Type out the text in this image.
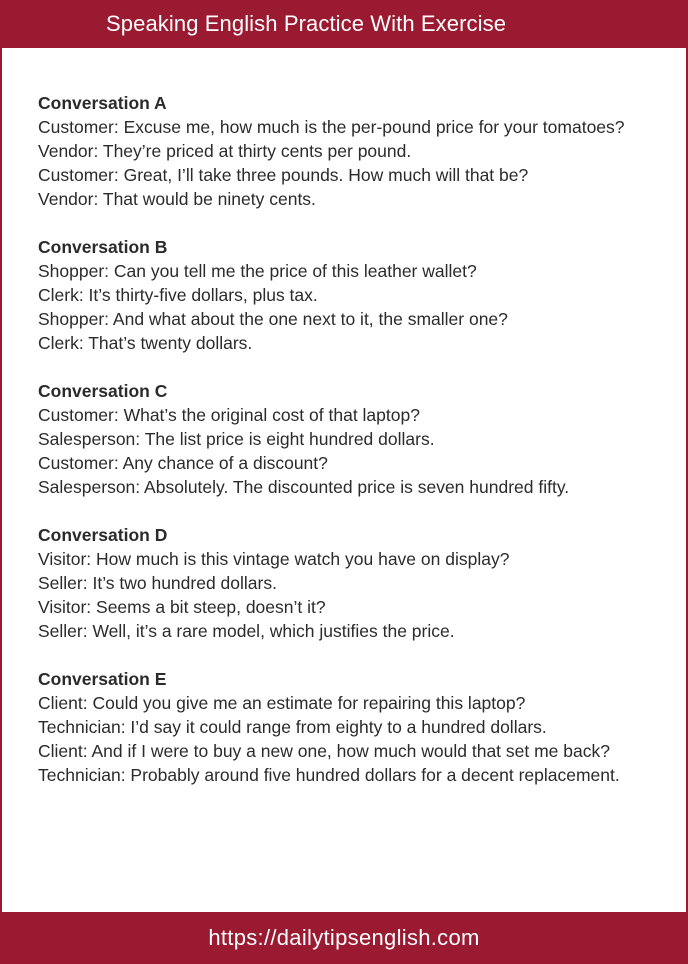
Speaking English Practice With Exercise
Conversation A
Customer: Excuse me, how much is the per-pound price for your tomatoes?
Vendor: They’re priced at thirty cents per pound.
Customer: Great, I’ll take three pounds. How much will that be?
Vendor: That would be ninety cents.
Conversation B
Shopper: Can you tell me the price of this leather wallet?
Clerk: It’s thirty-five dollars, plus tax.
Shopper: And what about the one next to it, the smaller one?
Clerk: That’s twenty dollars.
Conversation C
Customer: What’s the original cost of that laptop?
Salesperson: The list price is eight hundred dollars.
Customer: Any chance of a discount?
Salesperson: Absolutely. The discounted price is seven hundred fifty.
Conversation D
Visitor: How much is this vintage watch you have on display?
Seller: It’s two hundred dollars.
Visitor: Seems a bit steep, doesn’t it?
Seller: Well, it’s a rare model, which justifies the price.
Conversation E
Client: Could you give me an estimate for repairing this laptop?
Technician: I’d say it could range from eighty to a hundred dollars.
Client: And if I were to buy a new one, how much would that set me back?
Technician: Probably around five hundred dollars for a decent replacement.
https://dailytipsenglish.com
